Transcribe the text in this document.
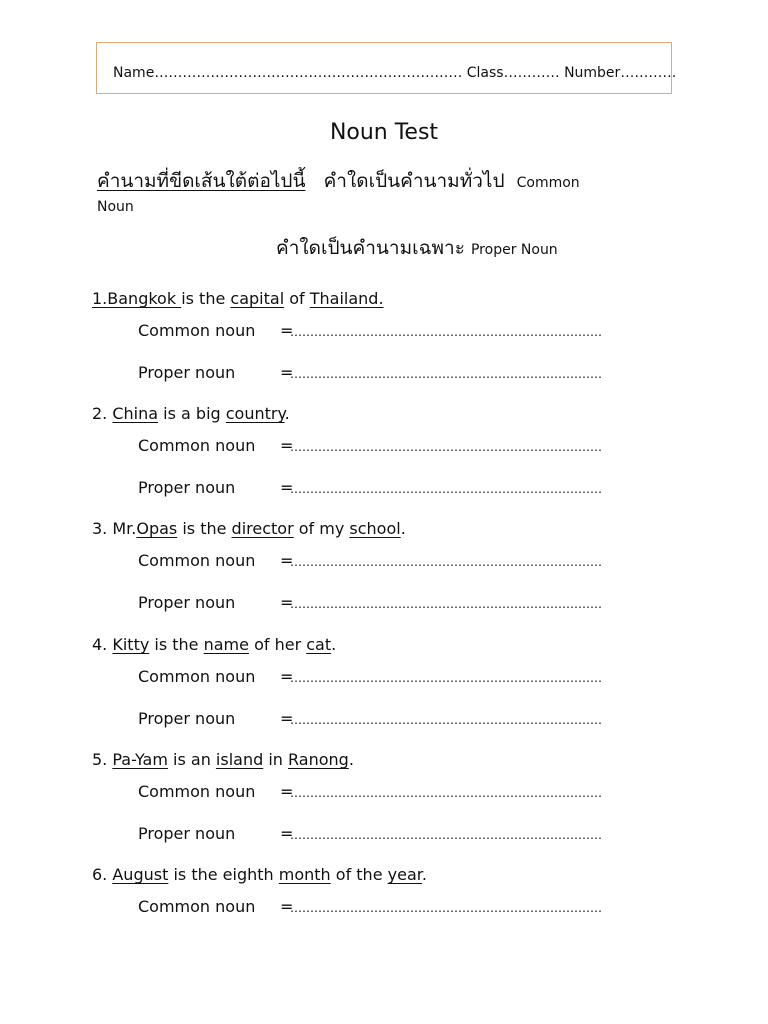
Name………………………………………………………… Class………… Number…………
Noun Test
คำนามที่ขีดเส้นใต้ต่อไปนี้ คำใดเป็นคำนามทั่วไป Common
Noun
คำใดเป็นคำนามเฉพาะ Proper Noun
1.Bangkok is the capital of Thailand.
Common noun =……………………………………………………………………
Proper noun	=……………………………………………………………………
2. China is a big country.
Common noun =……………………………………………………………………
Proper noun	=……………………………………………………………………
3. Mr.Opas is the director of my school.
Common noun =……………………………………………………………………
Proper noun	=……………………………………………………………………
4. Kitty is the name of her cat.
Common noun =……………………………………………………………………
Proper noun	=……………………………………………………………………
5. Pa-Yam is an island in Ranong.
Common noun =……………………………………………………………………
Proper noun	=……………………………………………………………………
6. August is the eighth month of the year.
Common noun =……………………………………………………………………
